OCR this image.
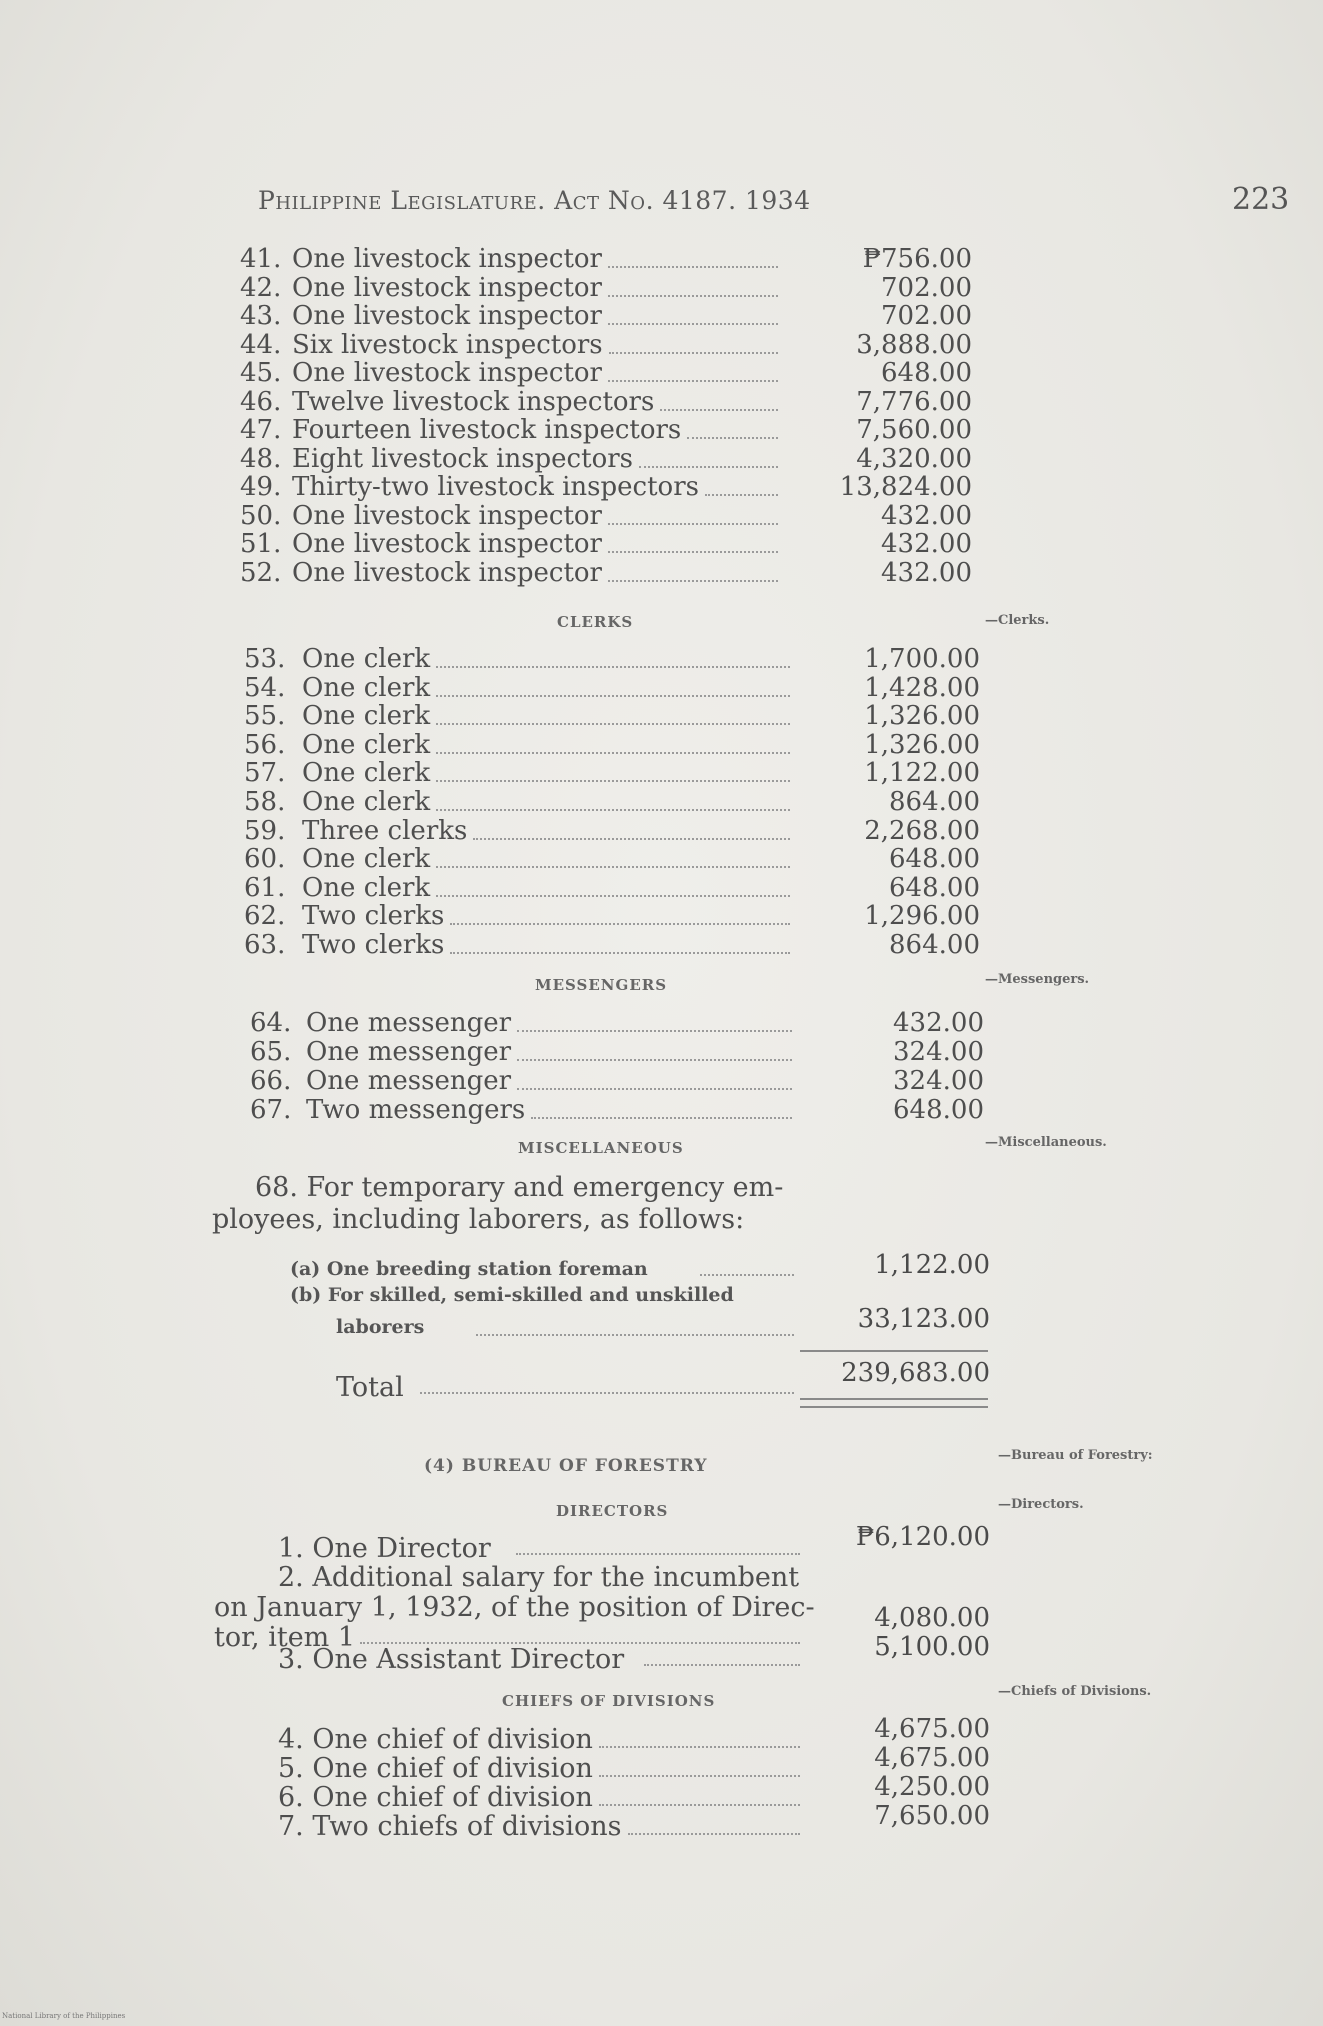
Philippine Legislature. Act No. 4187. 1934	223
41. One livestock inspector	₱756.00
42. One livestock inspector	702.00
43. One livestock inspector	702.00
44. Six livestock inspectors	3,888.00
45. One livestock inspector	648.00
46. Twelve livestock inspectors	7,776.00
47. Fourteen livestock inspectors	7,560.00
48. Eight livestock inspectors	4,320.00
49. Thirty-two livestock inspectors	13,824.00
50. One livestock inspector	432.00
51. One livestock inspector	432.00
52. One livestock inspector	432.00
CLERKS	—Clerks.
53. One clerk	1,700.00
54. One clerk	1,428.00
55. One clerk	1,326.00
56. One clerk	1,326.00
57. One clerk	1,122.00
58. One clerk	864.00
59. Three clerks	2,268.00
60. One clerk	648.00
61. One clerk	648.00
62. Two clerks	1,296.00
63. Two clerks	864.00
MESSENGERS	—Messengers.
64. One messenger	432.00
65. One messenger	324.00
66. One messenger	324.00
67. Two messengers	648.00
MISCELLANEOUS	—Miscellaneous.
68. For temporary and emergency em-
ployees, including laborers, as follows:
(a) One breeding station foreman	1,122.00
(b) For skilled, semi-skilled and unskilled
laborers	33,123.00
Total	239,683.00
(4) BUREAU OF FORESTRY
—Bureau of Forestry:
DIRECTORS	—Directors.
1. One Director	₱6,120.00
2. Additional salary for the incumbent
on January 1, 1932, of the position of Direc-
tor, item 1
4,080.00
3. One Assistant Director	5,100.00
CHIEFS OF DIVISIONS
—Chiefs of Divisions.
4. One chief of division	4,675.00
5. One chief of division	4,675.00
6. One chief of division	4,250.00
7. Two chiefs of divisions	7,650.00
National Library of the Philippines
